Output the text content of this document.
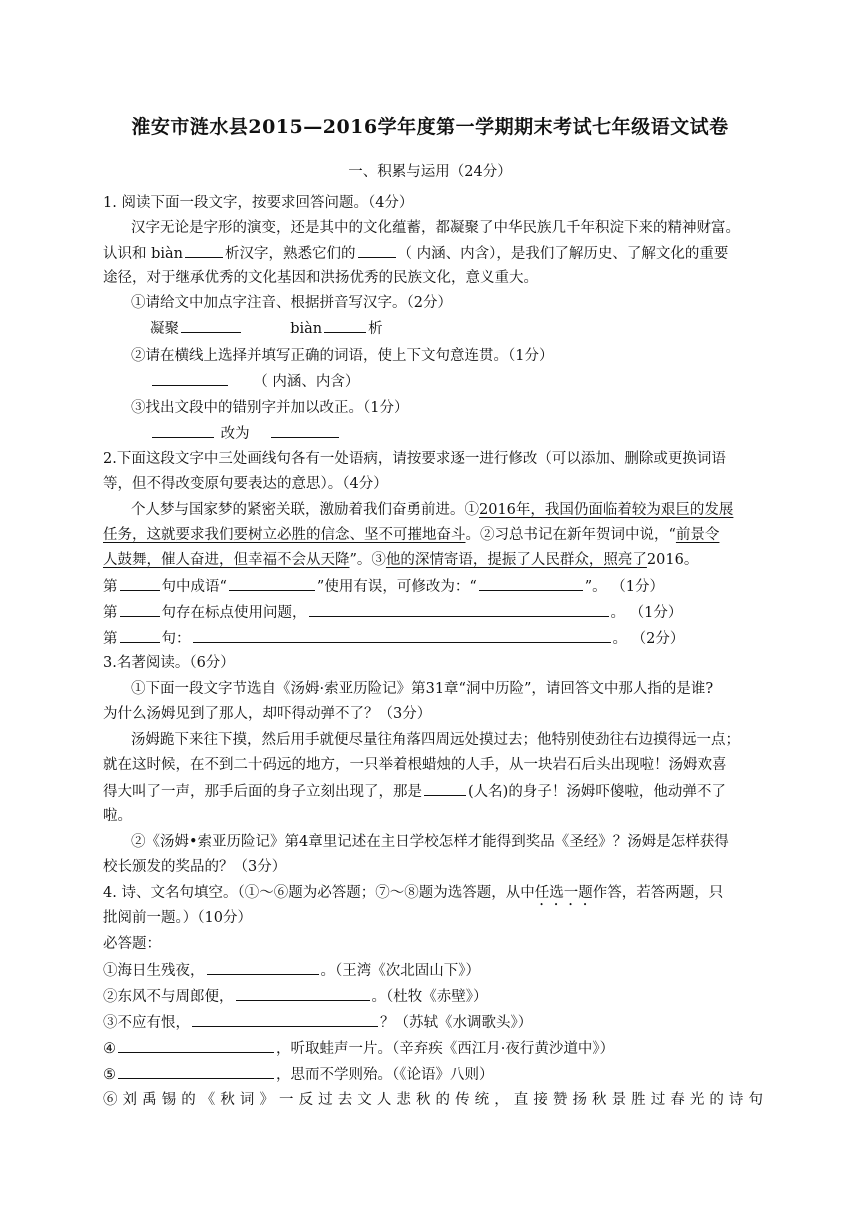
淮安市涟水县2015—2016学年度第一学期期末考试七年级语文试卷
一、积累与运用（24分）
1. 阅读下面一段文字，按要求回答问题。（4分）
汉字无论是字形的演变，还是其中的文化蕴蓄，都凝聚了中华民族几千年积淀下来的精神财富。
认识和 biàn	析汉字，熟悉它们的	（ 内涵、内含），是我们了解历史、了解文化的重要
途径，对于继承优秀的文化基因和洪扬优秀的民族文化，意义重大。
①请给文中加点字注音、根据拼音写汉字。（2分）
凝聚	biàn	析
②请在横线上选择并填写正确的词语，使上下文句意连贯。（1分）
（ 内涵、内含）
③找出文段中的错别字并加以改正。（1分）
改为
2.下面这段文字中三处画线句各有一处语病，请按要求逐一进行修改（可以添加、删除或更换词语
等，但不得改变原句要表达的意思）。（4分）
个人梦与国家梦的紧密关联，激励着我们奋勇前进。①2016年，我国仍面临着较为艰巨的发展
任务，这就要求我们要树立必胜的信念、坚不可摧地奋斗。②习总书记在新年贺词中说，“前景令
人鼓舞，催人奋进，但幸福不会从天降”。③他的深情寄语，提振了人民群众，照亮了2016。
第	句中成语“	”使用有误，可修改为：“	”。 （1分）
第	句存在标点使用问题，	。 （1分）
第	句：	。 （2分）
3.名著阅读。（6分）
①下面一段文字节选自《汤姆·索亚历险记》第31章“洞中历险”，请回答文中那人指的是谁?
为什么汤姆见到了那人，却吓得动弹不了？（3分）
汤姆跪下来往下摸，然后用手就便尽量往角落四周远处摸过去；他特别使劲往右边摸得远一点；
就在这时候，在不到二十码远的地方，一只举着根蜡烛的人手，从一块岩石后头出现啦！汤姆欢喜
得大叫了一声，那手后面的身子立刻出现了，那是	(人名)的身子！汤姆吓傻啦，他动弹不了
啦。
②《汤姆•索亚历险记》第4章里记述在主日学校怎样才能得到奖品《圣经》？汤姆是怎样获得
校长颁发的奖品的？（3分）
4. 诗、文名句填空。（①～⑥题为必答题；⑦～⑧题为选答题，从中任选一题作答，若答两题，只
批阅前一题。）（10分）
必答题：
①海日生残夜，	。（王湾《次北固山下》）
②东风不与周郎便，	。（杜牧《赤壁》）
③不应有恨，	？（苏轼《水调歌头》）
④	，听取蛙声一片。（辛弃疾《西江月·夜行黄沙道中》）
⑤	，思而不学则殆。（《论语》八则）
⑥刘禹锡的《秋词》一反过去文人悲秋的传统，直接赞扬秋景胜过春光的诗句
